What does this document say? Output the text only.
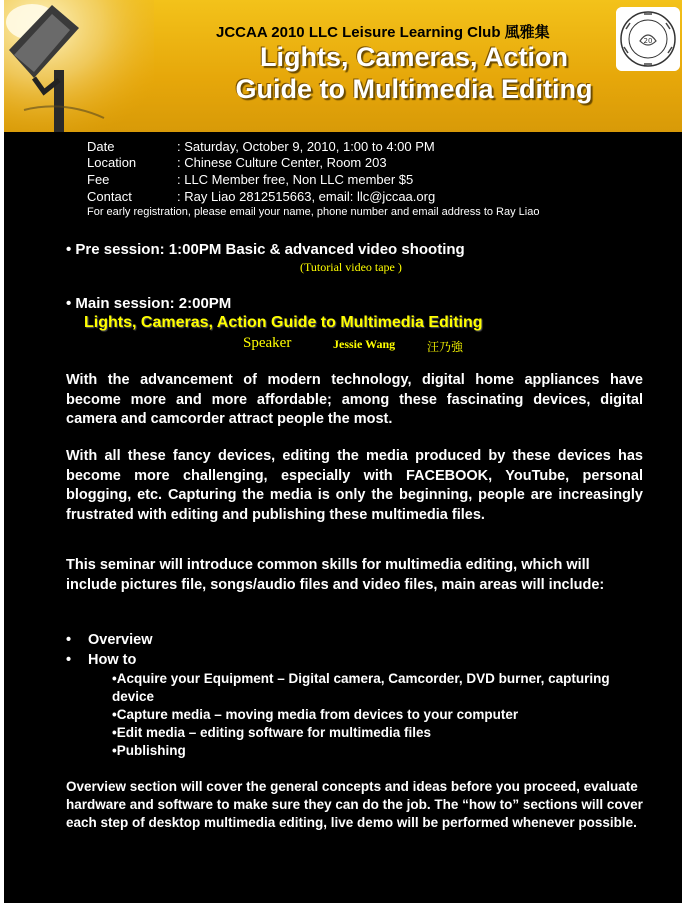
JCCAA 2010 LLC Leisure Learning Club 風雅集
Lights, Cameras, Action
Guide to Multimedia Editing
20
Date	: Saturday, October 9, 2010, 1:00 to 4:00 PM
Location	: Chinese Culture Center, Room 203
Fee	: LLC Member free, Non LLC member $5
Contact	: Ray Liao 2812515663, email: llc@jccaa.org
For early registration, please email your name, phone number and email address to Ray Liao
• Pre session: 1:00PM Basic & advanced video shooting
(Tutorial video tape )
• Main session: 2:00PM
Lights, Cameras, Action Guide to Multimedia Editing
Speaker	Jessie Wang	汪乃強
With the advancement of modern technology, digital home appliances have become more and more affordable; among these fascinating devices, digital camera and camcorder attract people the most.
With all these fancy devices, editing the media produced by these devices has become more challenging, especially with FACEBOOK, YouTube, personal blogging, etc. Capturing the media is only the beginning, people are increasingly frustrated with editing and publishing these multimedia files.
This seminar will introduce common skills for multimedia editing, which will include pictures file, songs/audio files and video files, main areas will include:
• Overview
• How to
•Acquire your Equipment – Digital camera, Camcorder, DVD burner, capturing device
•Capture media – moving media from devices to your computer
•Edit media – editing software for multimedia files
•Publishing
Overview section will cover the general concepts and ideas before you proceed, evaluate hardware and software to make sure they can do the job. The “how to” sections will cover each step of desktop multimedia editing, live demo will be performed whenever possible.
